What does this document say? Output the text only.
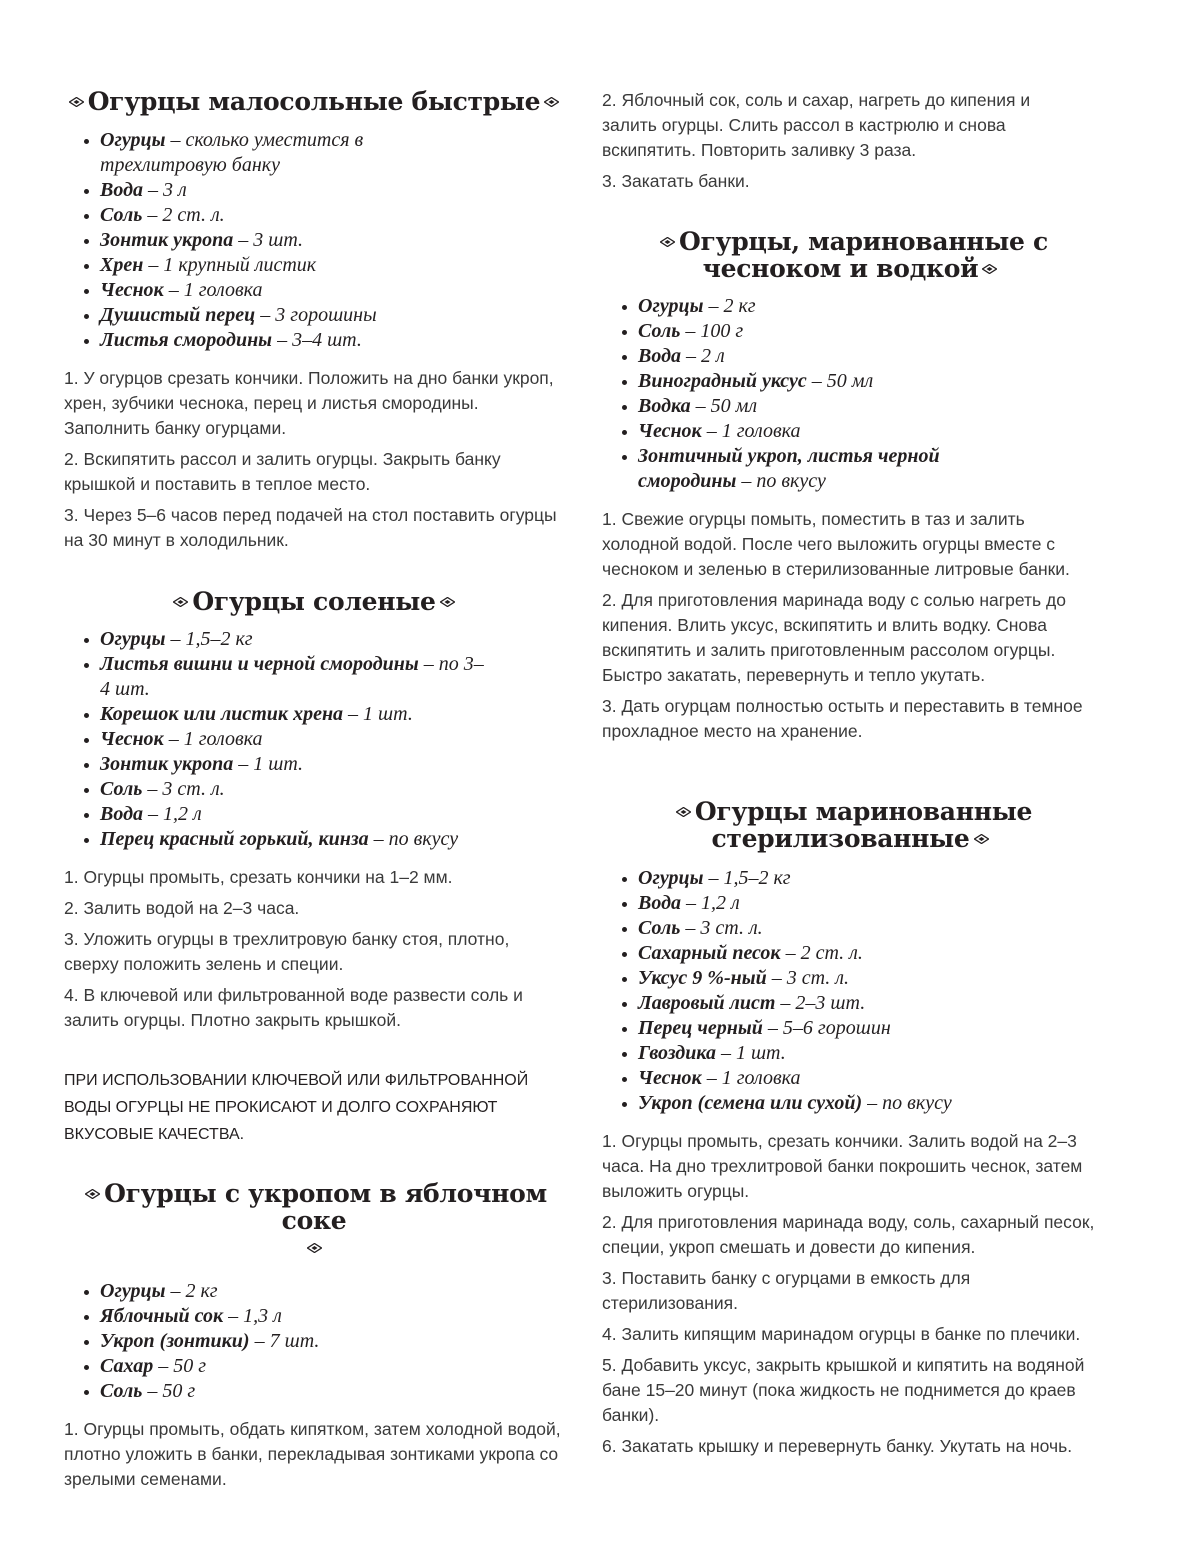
Огурцы малосольные быстрые
Огурцы – сколько уместится в трехлитровую банку
Вода – 3 л
Соль – 2 ст. л.
Зонтик укропа – 3 шт.
Хрен – 1 крупный листик
Чеснок – 1 головка
Душистый перец – 3 горошины
Листья смородины – 3–4 шт.

1. У огурцов срезать кончики. Положить на дно банки укроп, хрен, зубчики чеснока, перец и листья смородины. Заполнить банку огурцами.

2. Вскипятить рассол и залить огурцы. Закрыть банку крышкой и поставить в теплое место.

3. Через 5–6 часов перед подачей на стол поставить огурцы на 30 минут в холодильник.

Огурцы соленые
Огурцы – 1,5–2 кг
Листья вишни и черной смородины – по 3–4 шт.
Корешок или листик хрена – 1 шт.
Чеснок – 1 головка
Зонтик укропа – 1 шт.
Соль – 3 ст. л.
Вода – 1,2 л
Перец красный горький, кинза – по вкусу

1. Огурцы промыть, срезать кончики на 1–2 мм.

2. Залить водой на 2–3 часа.

3. Уложить огурцы в трехлитровую банку стоя, плотно, сверху положить зелень и специи.

4. В ключевой или фильтрованной воде развести соль и залить огурцы. Плотно закрыть крышкой.

ПРИ ИСПОЛЬЗОВАНИИ КЛЮЧЕВОЙ ИЛИ ФИЛЬТРОВАННОЙ ВОДЫ ОГУРЦЫ НЕ ПРОКИСАЮТ И ДОЛГО СОХРАНЯЮТ ВКУСОВЫЕ КАЧЕСТВА.

Огурцы с укропом в яблочном соке

Огурцы – 2 кг
Яблочный сок – 1,3 л
Укроп (зонтики) – 7 шт.
Сахар – 50 г
Соль – 50 г

1. Огурцы промыть, обдать кипятком, затем холодной водой, плотно уложить в банки, перекладывая зонтиками укропа со зрелыми семенами.

2. Яблочный сок, соль и сахар, нагреть до кипения и залить огурцы. Слить рассол в кастрюлю и снова вскипятить. Повторить заливку 3 раза.

3. Закатать банки.

Огурцы, маринованные с чесноком и водкой
Огурцы – 2 кг
Соль – 100 г
Вода – 2 л
Виноградный уксус – 50 мл
Водка – 50 мл
Чеснок – 1 головка
Зонтичный укроп, листья черной смородины – по вкусу

1. Свежие огурцы помыть, поместить в таз и залить холодной водой. После чего выложить огурцы вместе с чесноком и зеленью в стерилизованные литровые банки.

2. Для приготовления маринада воду с солью нагреть до кипения. Влить уксус, вскипятить и влить водку. Снова вскипятить и залить приготовленным рассолом огурцы. Быстро закатать, перевернуть и тепло укутать.

3. Дать огурцам полностью остыть и переставить в темное прохладное место на хранение.

Огурцы маринованные стерилизованные
Огурцы – 1,5–2 кг
Вода – 1,2 л
Соль – 3 ст. л.
Сахарный песок – 2 ст. л.
Уксус 9 %-ный – 3 ст. л.
Лавровый лист – 2–3 шт.
Перец черный – 5–6 горошин
Гвоздика – 1 шт.
Чеснок – 1 головка
Укроп (семена или сухой) – по вкусу

1. Огурцы промыть, срезать кончики. Залить водой на 2–3 часа. На дно трехлитровой банки покрошить чеснок, затем выложить огурцы.

2. Для приготовления маринада воду, соль, сахарный песок, специи, укроп смешать и довести до кипения.

3. Поставить банку с огурцами в емкость для стерилизования.

4. Залить кипящим маринадом огурцы в банке по плечики.

5. Добавить уксус, закрыть крышкой и кипятить на водяной бане 15–20 минут (пока жидкость не поднимется до краев банки).

6. Закатать крышку и перевернуть банку. Укутать на ночь.
